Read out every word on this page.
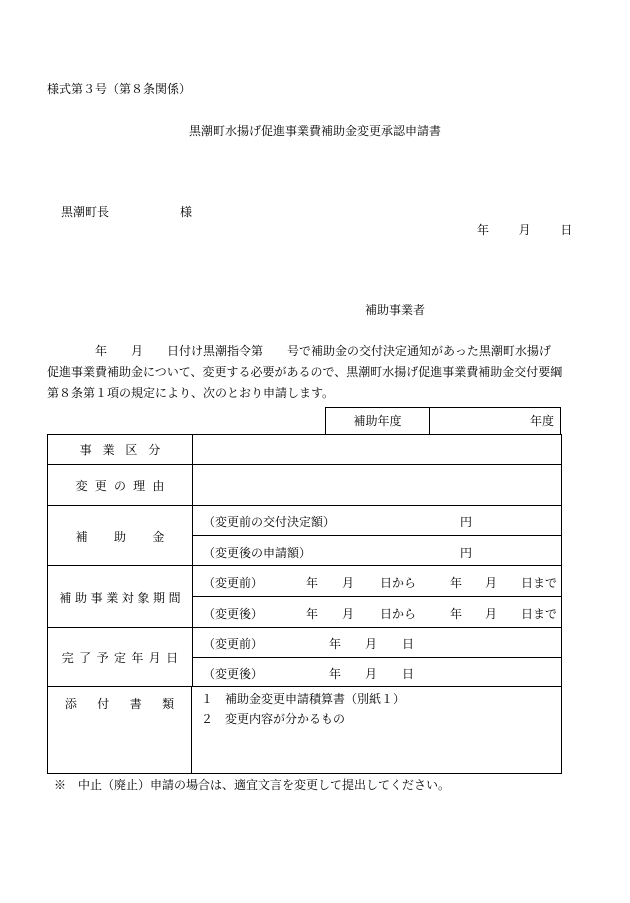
様式第３号（第８条関係）
黒潮町水揚げ促進事業費補助金変更承認申請書
黒潮町長	様
年 月 日
補助事業者

　　　　年　　月　　日付け黒潮指令第　　号で補助金の交付決定通知があった黒潮町水揚げ

促進事業費補助金について、変更する必要があるので、黒潮町水揚げ促進事業費補助金交付要綱

第８条第１項の規定により、次のとおり申請します。

補助年度	年度
事業区分
変更の理由
補助金
（変更前の交付決定額）	円
（変更後の申請額）	円
補助事業対象期間
（変更前）	年 月 日から	年 月 日まで
（変更後）	年 月 日から	年 月 日まで
完了予定年月日
（変更前）	年 月 日
（変更後）	年 月 日
添付書類 １　補助金変更申請積算書（別紙１）
２　変更内容が分かるもの
※　中止（廃止）申請の場合は、適宜文言を変更して提出してください。
